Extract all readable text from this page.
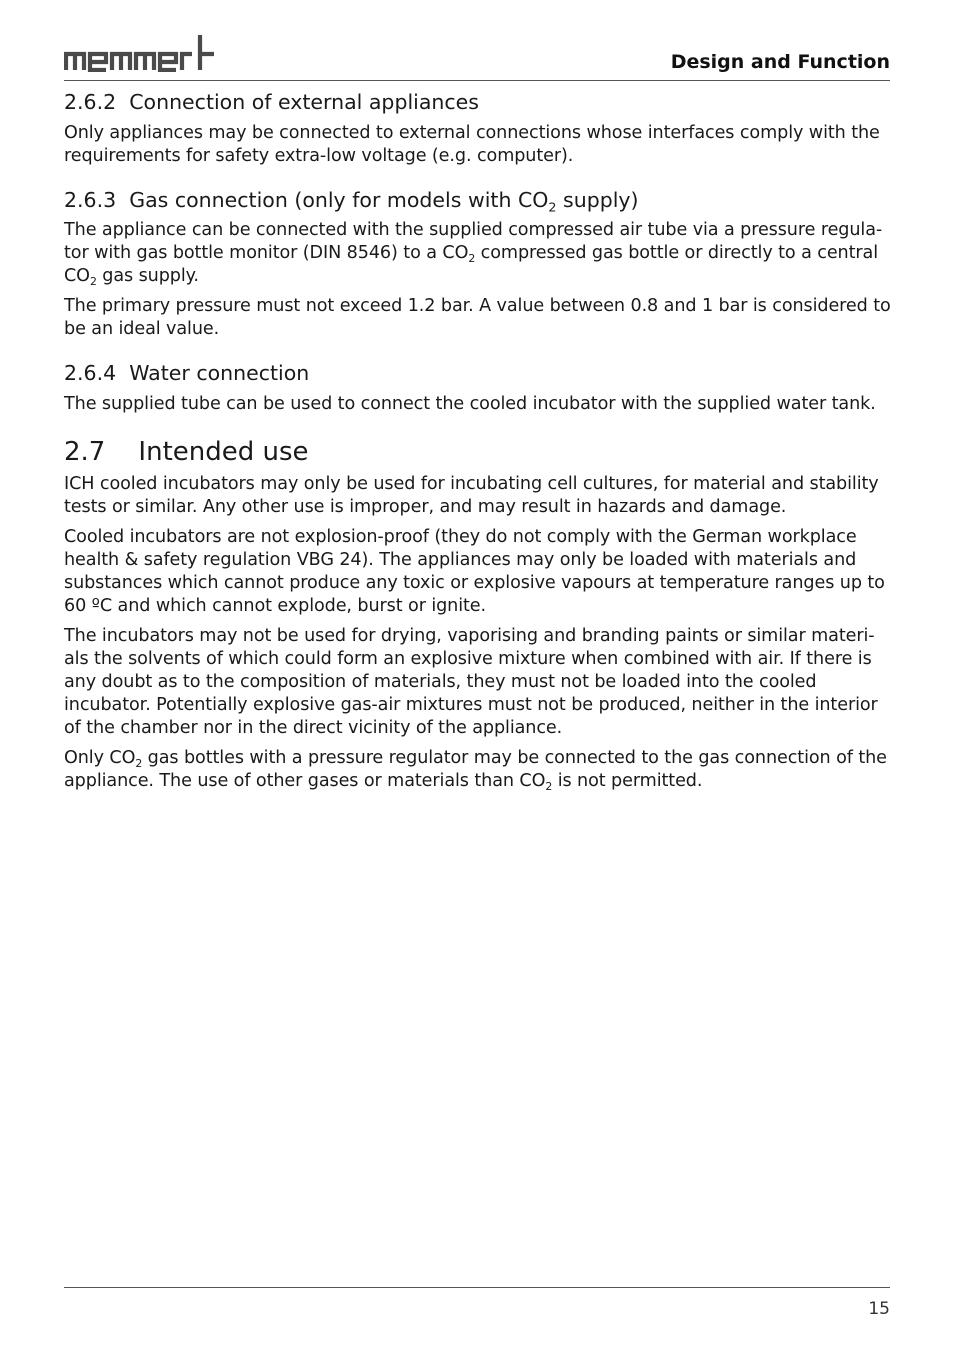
Design and Function
2.6.2 Connection of external appliances

Only appliances may be connected to external connections whose interfaces comply with the requirements for safety extra-low voltage (e.g. computer).

2.6.3 Gas connection (only for models with $CO_2$ supply)

The appliance can be connected with the supplied compressed air tube via a pressure regula-tor with gas bottle monitor (DIN 8546) to a $CO_2$ compressed gas bottle or directly to a central $CO_2$ gas supply.

The primary pressure must not exceed 1.2 bar. A value between 0.8 and 1 bar is considered to be an ideal value.

2.6.4 Water connection

The supplied tube can be used to connect the cooled incubator with the supplied water tank.

2.7 Intended use

ICH cooled incubators may only be used for incubating cell cultures, for material and stability tests or similar. Any other use is improper, and may result in hazards and damage.

Cooled incubators are not explosion-proof (they do not comply with the German workplace health & safety regulation VBG 24). The appliances may only be loaded with materials and substances which cannot produce any toxic or explosive vapours at temperature ranges up to 60 ºC and which cannot explode, burst or ignite.

The incubators may not be used for drying, vaporising and branding paints or similar materi-als the solvents of which could form an explosive mixture when combined with air. If there is any doubt as to the composition of materials, they must not be loaded into the cooled incubator. Potentially explosive gas-air mixtures must not be produced, neither in the interior of the chamber nor in the direct vicinity of the appliance.

Only $CO_2$ gas bottles with a pressure regulator may be connected to the gas connection of the appliance. The use of other gases or materials than $CO_2$ is not permitted.

15
